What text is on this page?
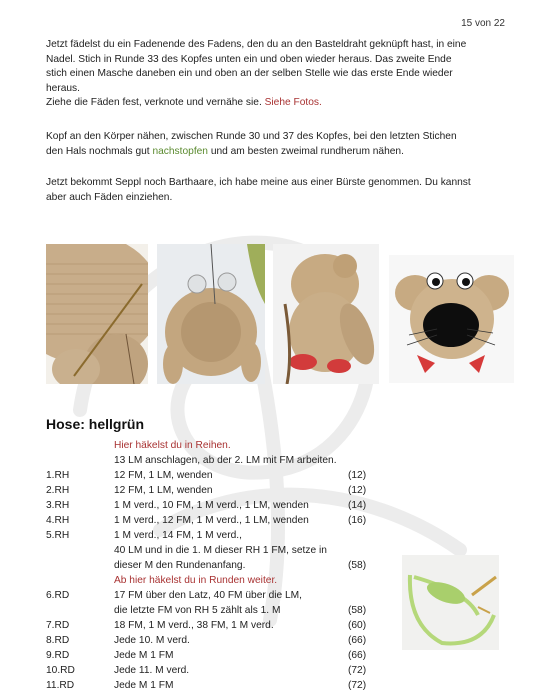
15 von 22
Jetzt fädelst du ein Fadenende des Fadens, den du an den Basteldraht geknüpft hast, in eine
Nadel. Stich in Runde 33 des Kopfes unten ein und oben wieder heraus. Das zweite Ende
stich einen Masche daneben ein und oben an der selben Stelle wie das erste Ende wieder
heraus.
Ziehe die Fäden fest, verknote und vernähe sie. Siehe Fotos.
Kopf an den Körper nähen, zwischen Runde 30 und 37 des Kopfes, bei den letzten Stichen
den Hals nochmals gut nachstopfen und am besten zweimal rundherum nähen.
Jetzt bekommt Seppl noch Barthaare, ich habe meine aus einer Bürste genommen. Du kannst
aber auch Fäden einziehen.
Hose: hellgrün
	Hier häkelst du in Reihen.	
	13 LM anschlagen, ab der 2. LM mit FM arbeiten.	
1.RH	12 FM, 1 LM, wenden	(12)
2.RH	12 FM, 1 LM, wenden	(12)
3.RH	1 M verd., 10 FM, 1 M verd., 1 LM, wenden	(14)
4.RH	1 M verd., 12 FM, 1 M verd., 1 LM, wenden	(16)
5.RH	1 M verd., 14 FM, 1 M verd.,	
	40 LM und in die 1. M dieser RH 1 FM, setze in	
	dieser M den Rundenanfang.	(58)
	Ab hier häkelst du in Runden weiter.	
6.RD	17 FM über den Latz, 40 FM über die LM,	
	die letzte FM von RH 5 zählt als 1. M	(58)
7.RD	18 FM, 1 M verd., 38 FM, 1 M verd.	(60)
8.RD	Jede 10. M verd.	(66)
9.RD	Jede M 1 FM	(66)
10.RD	Jede 11. M verd.	(72)
11.RD	Jede M 1 FM	(72)
